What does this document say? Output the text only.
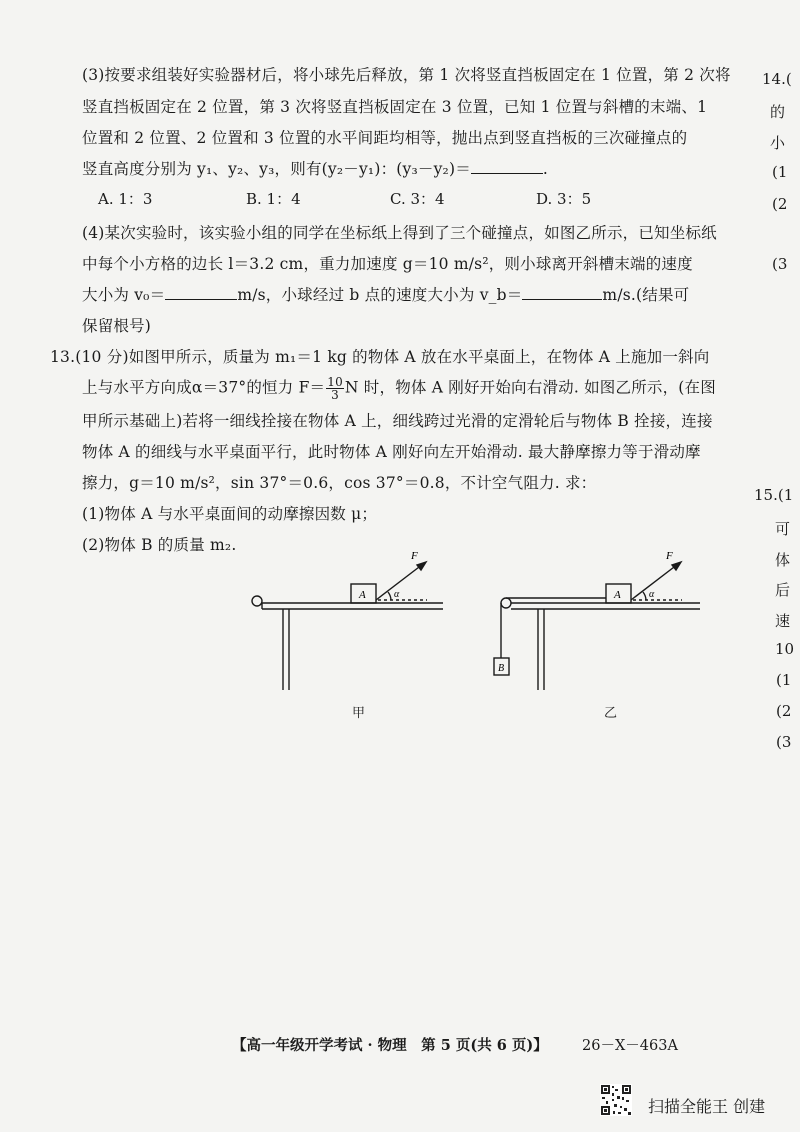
(3)按要求组装好实验器材后，将小球先后释放，第 1 次将竖直挡板固定在 1 位置，第 2 次将
竖直挡板固定在 2 位置，第 3 次将竖直挡板固定在 3 位置，已知 1 位置与斜槽的末端、1
位置和 2 位置、2 位置和 3 位置的水平间距均相等，抛出点到竖直挡板的三次碰撞点的
竖直高度分别为 y₁、y₂、y₃，则有(y₂－y₁)：(y₃－y₂)＝	.
A. 1：3	B. 1：4	C. 3：4	D. 3：5
(4)某次实验时，该实验小组的同学在坐标纸上得到了三个碰撞点，如图乙所示，已知坐标纸
中每个小方格的边长 l＝3.2 cm，重力加速度 g＝10 m/s²，则小球离开斜槽末端的速度
大小为 v₀＝	m/s，小球经过 b 点的速度大小为 v_b＝	m/s.(结果可
保留根号)
13.(10 分)如图甲所示，质量为 m₁＝1 kg 的物体 A 放在水平桌面上，在物体 A 上施加一斜向
上与水平方向成α＝37°的恒力 $F= \frac{10}{3}$ N 时，物体 A 刚好开始向右滑动. 如图乙所示，(在图
甲所示基础上)若将一细线拴接在物体 A 上，细线跨过光滑的定滑轮后与物体 B 拴接，连接
物体 A 的细线与水平桌面平行，此时物体 A 刚好向左开始滑动. 最大静摩擦力等于滑动摩
擦力，g＝10 m/s²，sin 37°＝0.6，cos 37°＝0.8，不计空气阻力. 求：
(1)物体 A 与水平桌面间的动摩擦因数 μ；
(2)物体 B 的质量 m₂.
A
F
α
甲
A
B
F
α
乙
14.(
的
小
(1
(2
(3
15.(1
可
体
后
速
10
(1
(2
(3
【高一年级开学考试 · 物理　第 5 页(共 6 页)】 26－X－463A
扫描全能王 创建
